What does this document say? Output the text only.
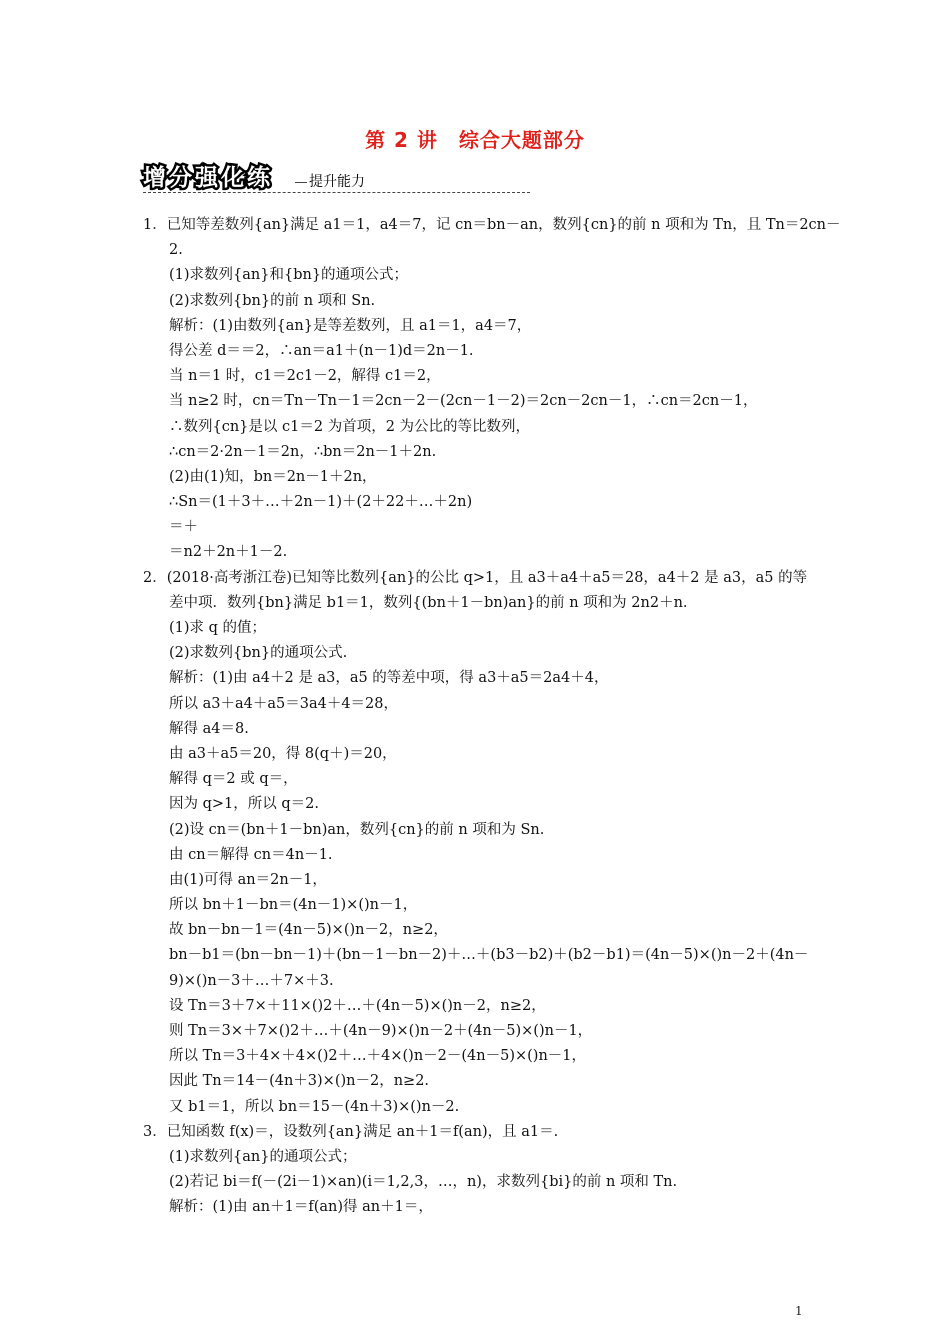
第 2 讲　综合大题部分
增分强化练	提升能力
1．已知等差数列{an}满足 a1＝1，a4＝7，记 cn＝bn－an，数列{cn}的前 n 项和为 Tn，且 Tn＝2cn－
2.
(1)求数列{an}和{bn}的通项公式；
(2)求数列{bn}的前 n 项和 Sn.
解析：(1)由数列{an}是等差数列，且 a1＝1，a4＝7，
得公差 d＝＝2，∴an＝a1＋(n－1)d＝2n－1.
当 n＝1 时，c1＝2c1－2，解得 c1＝2，
当 n≥2 时，cn＝Tn－Tn－1＝2cn－2－(2cn－1－2)＝2cn－2cn－1，∴cn＝2cn－1，
∴数列{cn}是以 c1＝2 为首项，2 为公比的等比数列，
∴cn＝2·2n－1＝2n，∴bn＝2n－1＋2n.
(2)由(1)知，bn＝2n－1＋2n，
∴Sn＝(1＋3＋…＋2n－1)＋(2＋22＋…＋2n)
＝＋
＝n2＋2n＋1－2.
2．(2018·高考浙江卷)已知等比数列{an}的公比 q>1，且 a3＋a4＋a5＝28，a4＋2 是 a3，a5 的等
差中项．数列{bn}满足 b1＝1，数列{(bn＋1－bn)an}的前 n 项和为 2n2＋n.
(1)求 q 的值；
(2)求数列{bn}的通项公式.
解析：(1)由 a4＋2 是 a3，a5 的等差中项，得 a3＋a5＝2a4＋4，
所以 a3＋a4＋a5＝3a4＋4＝28，
解得 a4＝8.
由 a3＋a5＝20，得 8(q＋)＝20，
解得 q＝2 或 q＝，
因为 q>1，所以 q＝2.
(2)设 cn＝(bn＋1－bn)an，数列{cn}的前 n 项和为 Sn.
由 cn＝解得 cn＝4n－1.
由(1)可得 an＝2n－1，
所以 bn＋1－bn＝(4n－1)×()n－1，
故 bn－bn－1＝(4n－5)×()n－2，n≥2，
bn－b1＝(bn－bn－1)＋(bn－1－bn－2)＋…＋(b3－b2)＋(b2－b1)＝(4n－5)×()n－2＋(4n－
9)×()n－3＋…＋7×＋3.
设 Tn＝3＋7×＋11×()2＋…＋(4n－5)×()n－2，n≥2，
则 Tn＝3×＋7×()2＋…＋(4n－9)×()n－2＋(4n－5)×()n－1，
所以 Tn＝3＋4×＋4×()2＋…＋4×()n－2－(4n－5)×()n－1，
因此 Tn＝14－(4n＋3)×()n－2，n≥2.
又 b1＝1，所以 bn＝15－(4n＋3)×()n－2.
3．已知函数 f(x)＝，设数列{an}满足 an＋1＝f(an)，且 a1＝.
(1)求数列{an}的通项公式；
(2)若记 bi＝f(－(2i－1)×an)(i＝1,2,3，…，n)，求数列{bi}的前 n 项和 Tn.
解析：(1)由 an＋1＝f(an)得 an＋1＝，
1
